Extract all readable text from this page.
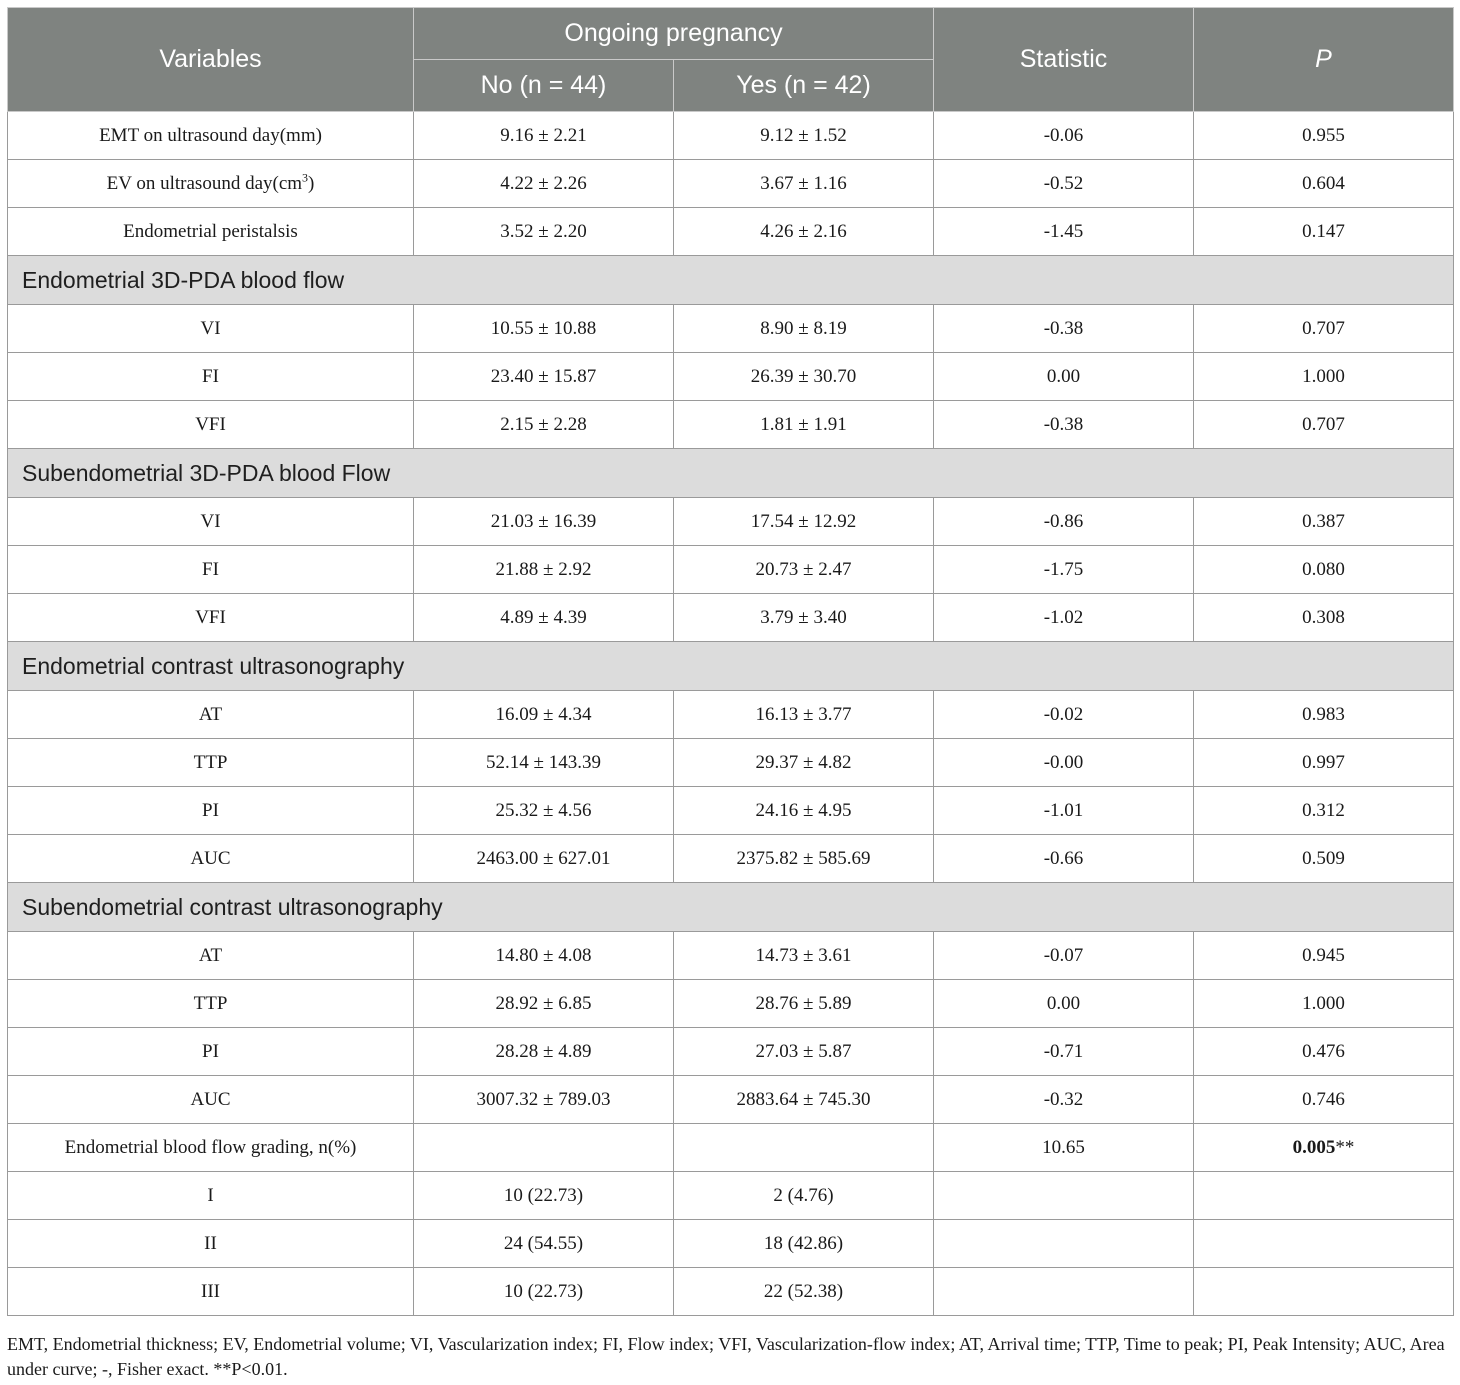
Variables	Ongoing pregnancy		Statistic	P
	No (n = 44)	Yes (n = 42)		
EMT on ultrasound day(mm)	9.16 ± 2.21	9.12 ± 1.52	-0.06	0.955
EV on ultrasound $day(cm^3)$	4.22 ± 2.26	3.67 ± 1.16	-0.52	0.604
Endometrial peristalsis	3.52 ± 2.20	4.26 ± 2.16	-1.45	0.147
Endometrial 3D-PDA blood flow				
VI	10.55 ± 10.88	8.90 ± 8.19	-0.38	0.707
FI	23.40 ± 15.87	26.39 ± 30.70	0.00	1.000
VFI	2.15 ± 2.28	1.81 ± 1.91	-0.38	0.707
Subendometrial 3D-PDA blood Flow				
VI	21.03 ± 16.39	17.54 ± 12.92	-0.86	0.387
FI	21.88 ± 2.92	20.73 ± 2.47	-1.75	0.080
VFI	4.89 ± 4.39	3.79 ± 3.40	-1.02	0.308
Endometrial contrast ultrasonography				
AT	16.09 ± 4.34	16.13 ± 3.77	-0.02	0.983
TTP	52.14 ± 143.39	29.37 ± 4.82	-0.00	0.997
PI	25.32 ± 4.56	24.16 ± 4.95	-1.01	0.312
AUC	2463.00 ± 627.01	2375.82 ± 585.69	-0.66	0.509
Subendometrial contrast ultrasonography				
AT	14.80 ± 4.08	14.73 ± 3.61	-0.07	0.945
TTP	28.92 ± 6.85	28.76 ± 5.89	0.00	1.000
PI	28.28 ± 4.89	27.03 ± 5.87	-0.71	0.476
AUC	3007.32 ± 789.03	2883.64 ± 745.30	-0.32	0.746
Endometrial blood flow grading, n(%)			10.65	0.005**
I	10 (22.73)	2 (4.76)		
II	24 (54.55)	18 (42.86)		
III	10 (22.73)	22 (52.38)		
EMT, Endometrial thickness; EV, Endometrial volume; VI, Vascularization index; FI, Flow index; VFI, Vascularization-flow index; AT, Arrival time; TTP, Time to peak; PI, Peak Intensity; AUC, Area under curve; -, Fisher exact. **P<0.01.
